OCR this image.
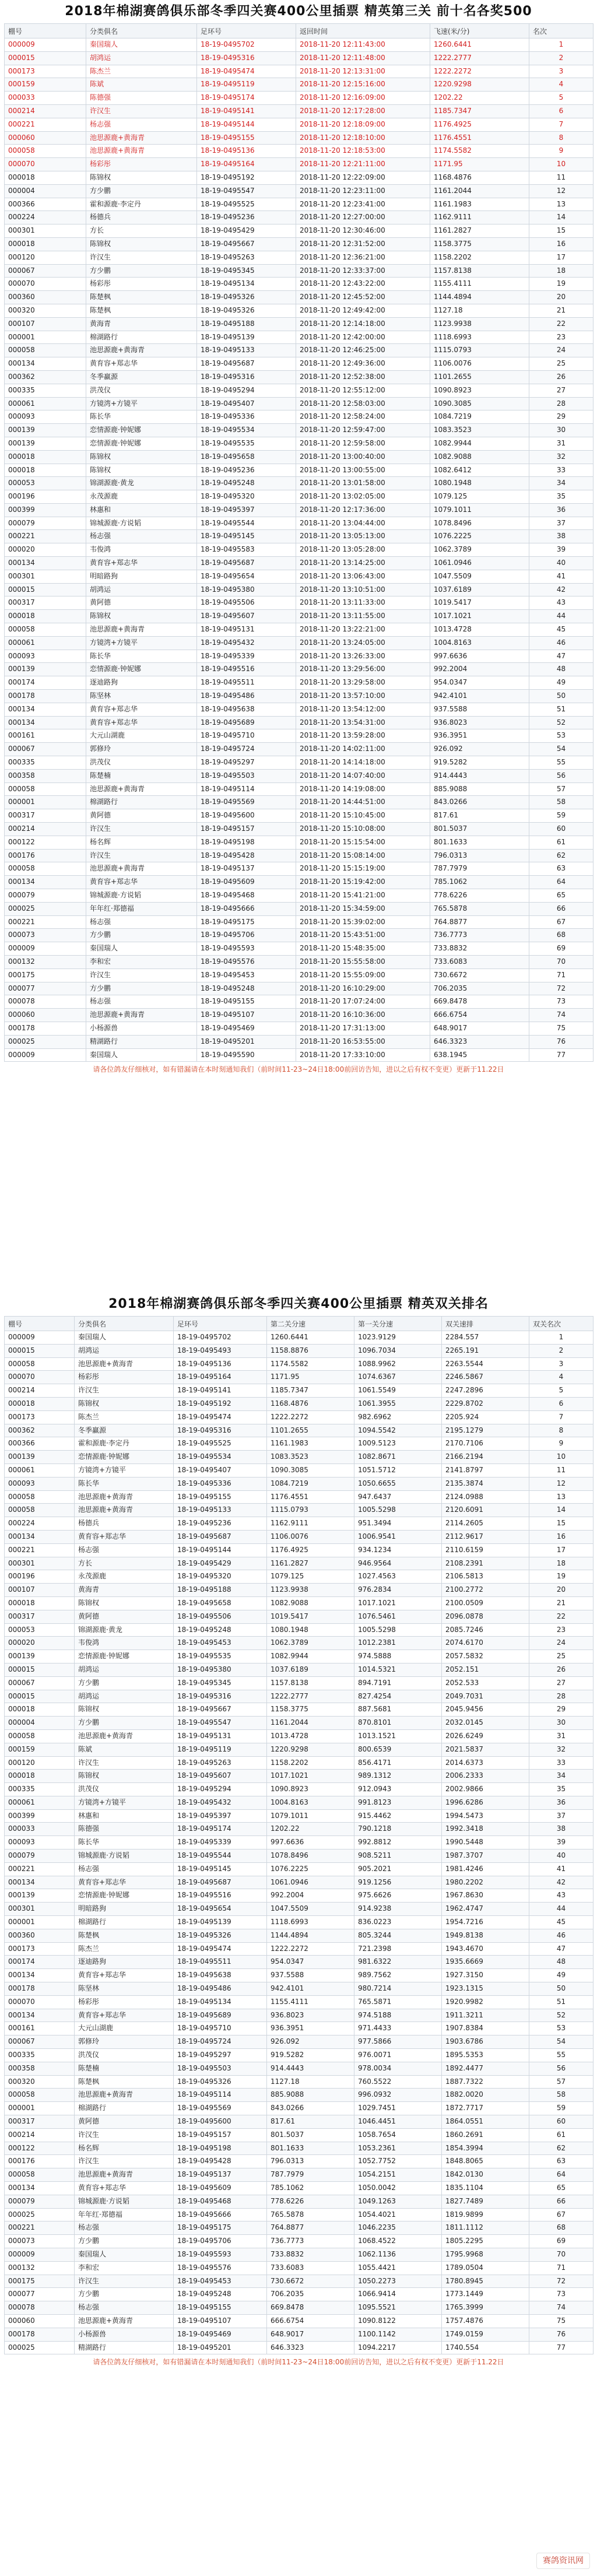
2018年棉湖赛鸽俱乐部冬季四关赛400公里插票 精英第三关 前十名各奖500
棚号	分类俱名	足环号	返回时间	飞速(米/分)	名次
000009	秦国瑞人	18-19-0495702	2018-11-20 12:11:43:00	1260.6441	1
000015	胡鸿运	18-19-0495316	2018-11-20 12:11:48:00	1222.2777	2
000173	陈杰兰	18-19-0495474	2018-11-20 12:13:31:00	1222.2272	3
000159	陈斌	18-19-0495119	2018-11-20 12:15:16:00	1220.9298	4
000033	陈德强	18-19-0495174	2018-11-20 12:16:09:00	1202.22	5
000214	许汉生	18-19-0495141	2018-11-20 12:17:28:00	1185.7347	6
000221	杨志强	18-19-0495144	2018-11-20 12:18:09:00	1176.4925	7
000060	池思源鹿+黄海青	18-19-0495155	2018-11-20 12:18:10:00	1176.4551	8
000058	池思源鹿+黄海青	18-19-0495136	2018-11-20 12:18:53:00	1174.5582	9
000070	杨彩彤	18-19-0495164	2018-11-20 12:21:11:00	1171.95	10
000018	陈锦权	18-19-0495192	2018-11-20 12:22:09:00	1168.4876	11
000004	方少鹏	18-19-0495547	2018-11-20 12:23:11:00	1161.2044	12
000366	霍和源鹿·李定丹	18-19-0495525	2018-11-20 12:23:41:00	1161.1983	13
000224	杨德兵	18-19-0495236	2018-11-20 12:27:00:00	1162.9111	14
000301	方长	18-19-0495429	2018-11-20 12:30:46:00	1161.2827	15
000018	陈锦权	18-19-0495667	2018-11-20 12:31:52:00	1158.3775	16
000120	许汉生	18-19-0495263	2018-11-20 12:36:21:00	1158.2202	17
000067	方少鹏	18-19-0495345	2018-11-20 12:33:37:00	1157.8138	18
000070	杨彩彤	18-19-0495134	2018-11-20 12:43:22:00	1155.4111	19
000360	陈楚枫	18-19-0495326	2018-11-20 12:45:52:00	1144.4894	20
000320	陈楚枫	18-19-0495326	2018-11-20 12:49:42:00	1127.18	21
000107	黄海青	18-19-0495188	2018-11-20 12:14:18:00	1123.9938	22
000001	棉湖路行	18-19-0495139	2018-11-20 12:42:00:00	1118.6993	23
000058	池思源鹿+黄海青	18-19-0495133	2018-11-20 12:46:25:00	1115.0793	24
000134	黄育容+郑志华	18-19-0495687	2018-11-20 12:49:36:00	1106.0076	25
000362	冬季赢源	18-19-0495316	2018-11-20 12:52:38:00	1101.2655	26
000335	洪茂仪	18-19-0495294	2018-11-20 12:55:12:00	1090.8923	27
000061	方镜湾+方镜平	18-19-0495407	2018-11-20 12:58:03:00	1090.3085	28
000093	陈长华	18-19-0495336	2018-11-20 12:58:24:00	1084.7219	29
000139	恋情源鹿·钟妮娜	18-19-0495534	2018-11-20 12:59:47:00	1083.3523	30
000139	恋情源鹿·钟妮娜	18-19-0495535	2018-11-20 12:59:58:00	1082.9944	31
000018	陈锦权	18-19-0495658	2018-11-20 13:00:40:00	1082.9088	32
000018	陈锦权	18-19-0495236	2018-11-20 13:00:55:00	1082.6412	33
000053	锦湖源鹿·黄龙	18-19-0495248	2018-11-20 13:01:58:00	1080.1948	34
000196	永茂源鹿	18-19-0495320	2018-11-20 13:02:05:00	1079.125	35
000399	林惠和	18-19-0495397	2018-11-20 12:17:36:00	1079.1011	36
000079	锦城源鹿·方说韬	18-19-0495544	2018-11-20 13:04:44:00	1078.8496	37
000221	杨志强	18-19-0495145	2018-11-20 13:05:13:00	1076.2225	38
000020	韦俊鸿	18-19-0495583	2018-11-20 13:05:28:00	1062.3789	39
000134	黄育容+郑志华	18-19-0495687	2018-11-20 13:14:25:00	1061.0946	40
000301	明暗路狗	18-19-0495654	2018-11-20 13:06:43:00	1047.5509	41
000015	胡鸿运	18-19-0495380	2018-11-20 13:10:51:00	1037.6189	42
000317	黄阿德	18-19-0495506	2018-11-20 13:11:33:00	1019.5417	43
000018	陈锦权	18-19-0495607	2018-11-20 13:11:55:00	1017.1021	44
000058	池思源鹿+黄海青	18-19-0495131	2018-11-20 13:22:21:00	1013.4728	45
000061	方镜湾+方镜平	18-19-0495432	2018-11-20 13:24:05:00	1004.8163	46
000093	陈长华	18-19-0495339	2018-11-20 13:26:33:00	997.6636	47
000139	恋情源鹿·钟妮娜	18-19-0495516	2018-11-20 13:29:56:00	992.2004	48
000174	逐迪路狗	18-19-0495511	2018-11-20 13:29:58:00	954.0347	49
000178	陈坚林	18-19-0495486	2018-11-20 13:57:10:00	942.4101	50
000134	黄育容+郑志华	18-19-0495638	2018-11-20 13:54:12:00	937.5588	51
000134	黄育容+郑志华	18-19-0495689	2018-11-20 13:54:31:00	936.8023	52
000161	大元山湖鹿	18-19-0495710	2018-11-20 13:59:28:00	936.3951	53
000067	郭修玲	18-19-0495724	2018-11-20 14:02:11:00	926.092	54
000335	洪茂仪	18-19-0495297	2018-11-20 14:14:18:00	919.5282	55
000358	陈楚楠	18-19-0495503	2018-11-20 14:07:40:00	914.4443	56
000058	池思源鹿+黄海青	18-19-0495114	2018-11-20 14:19:08:00	885.9088	57
000001	棉湖路行	18-19-0495569	2018-11-20 14:44:51:00	843.0266	58
000317	黄阿德	18-19-0495600	2018-11-20 15:10:45:00	817.61	59
000214	许汉生	18-19-0495157	2018-11-20 15:10:08:00	801.5037	60
000122	杨名辉	18-19-0495198	2018-11-20 15:15:54:00	801.1633	61
000176	许汉生	18-19-0495428	2018-11-20 15:08:14:00	796.0313	62
000058	池思源鹿+黄海青	18-19-0495137	2018-11-20 15:15:19:00	787.7979	63
000134	黄育容+郑志华	18-19-0495609	2018-11-20 15:19:42:00	785.1062	64
000079	锦城源鹿·方说韬	18-19-0495468	2018-11-20 15:41:21:00	778.6226	65
000025	年年红·郑德福	18-19-0495666	2018-11-20 15:34:59:00	765.5878	66
000221	杨志强	18-19-0495175	2018-11-20 15:39:02:00	764.8877	67
000073	方少鹏	18-19-0495706	2018-11-20 15:43:51:00	736.7773	68
000009	秦国瑞人	18-19-0495593	2018-11-20 15:48:35:00	733.8832	69
000132	李和宏	18-19-0495576	2018-11-20 15:55:58:00	733.6083	70
000175	许汉生	18-19-0495453	2018-11-20 15:55:09:00	730.6672	71
000077	方少鹏	18-19-0495248	2018-11-20 16:10:29:00	706.2035	72
000078	杨志强	18-19-0495155	2018-11-20 17:07:24:00	669.8478	73
000060	池思源鹿+黄海青	18-19-0495107	2018-11-20 16:10:36:00	666.6754	74
000178	小杨源兽	18-19-0495469	2018-11-20 17:31:13:00	648.9017	75
000025	精湖路行	18-19-0495201	2018-11-20 16:53:55:00	646.3323	76
000009	秦国瑞人	18-19-0495590	2018-11-20 17:33:10:00	638.1945	77
请各位鸽友仔细核对，如有错漏请在本时刻通知我们（前时间11-23~24日18:00前回访告知，进以之后有权不变更）更新于11.22日
2018年棉湖赛鸽俱乐部冬季四关赛400公里插票 精英双关排名
棚号	分类俱名	足环号	第二关分速	第一关分速	双关速排	双关名次
000009	秦国瑞人	18-19-0495702	1260.6441	1023.9129	2284.557	1
000015	胡鸿运	18-19-0495493	1158.8876	1096.7034	2265.191	2
000058	池思源鹿+黄海青	18-19-0495136	1174.5582	1088.9962	2263.5544	3
000070	杨彩彤	18-19-0495164	1171.95	1074.6367	2246.5867	4
000214	许汉生	18-19-0495141	1185.7347	1061.5549	2247.2896	5
000018	陈锦权	18-19-0495192	1168.4876	1061.3955	2229.8702	6
000173	陈杰兰	18-19-0495474	1222.2272	982.6962	2205.924	7
000362	冬季赢源	18-19-0495316	1101.2655	1094.5542	2195.1279	8
000366	霍和源鹿·李定丹	18-19-0495525	1161.1983	1009.5123	2170.7106	9
000139	恋情源鹿·钟妮娜	18-19-0495534	1083.3523	1082.8671	2166.2194	10
000061	方镜湾+方镜平	18-19-0495407	1090.3085	1051.5712	2141.8797	11
000093	陈长华	18-19-0495336	1084.7219	1050.6655	2135.3874	12
000058	池思源鹿+黄海青	18-19-0495155	1176.4551	947.6437	2124.0988	13
000058	池思源鹿+黄海青	18-19-0495133	1115.0793	1005.5298	2120.6091	14
000224	杨德兵	18-19-0495236	1162.9111	951.3494	2114.2605	15
000134	黄育容+郑志华	18-19-0495687	1106.0076	1006.9541	2112.9617	16
000221	杨志强	18-19-0495144	1176.4925	934.1234	2110.6159	17
000301	方长	18-19-0495429	1161.2827	946.9564	2108.2391	18
000196	永茂源鹿	18-19-0495320	1079.125	1027.4563	2106.5813	19
000107	黄海青	18-19-0495188	1123.9938	976.2834	2100.2772	20
000018	陈锦权	18-19-0495658	1082.9088	1017.1021	2100.0509	21
000317	黄阿德	18-19-0495506	1019.5417	1076.5461	2096.0878	22
000053	锦湖源鹿·黄龙	18-19-0495248	1080.1948	1005.5298	2085.7246	23
000020	韦俊鸿	18-19-0495453	1062.3789	1012.2381	2074.6170	24
000139	恋情源鹿·钟妮娜	18-19-0495535	1082.9944	974.5888	2057.5832	25
000015	胡鸿运	18-19-0495380	1037.6189	1014.5321	2052.151	26
000067	方少鹏	18-19-0495345	1157.8138	894.7191	2052.533	27
000015	胡鸿运	18-19-0495316	1222.2777	827.4254	2049.7031	28
000018	陈锦权	18-19-0495667	1158.3775	887.5681	2045.9456	29
000004	方少鹏	18-19-0495547	1161.2044	870.8101	2032.0145	30
000058	池思源鹿+黄海青	18-19-0495131	1013.4728	1013.1521	2026.6249	31
000159	陈斌	18-19-0495119	1220.9298	800.6539	2021.5837	32
000120	许汉生	18-19-0495263	1158.2202	856.4171	2014.6373	33
000018	陈锦权	18-19-0495607	1017.1021	989.1312	2006.2333	34
000335	洪茂仪	18-19-0495294	1090.8923	912.0943	2002.9866	35
000061	方镜湾+方镜平	18-19-0495432	1004.8163	991.8123	1996.6286	36
000399	林惠和	18-19-0495397	1079.1011	915.4462	1994.5473	37
000033	陈德强	18-19-0495174	1202.22	790.1218	1992.3418	38
000093	陈长华	18-19-0495339	997.6636	992.8812	1990.5448	39
000079	锦城源鹿·方说韬	18-19-0495544	1078.8496	908.5211	1987.3707	40
000221	杨志强	18-19-0495145	1076.2225	905.2021	1981.4246	41
000134	黄育容+郑志华	18-19-0495687	1061.0946	919.1256	1980.2202	42
000139	恋情源鹿·钟妮娜	18-19-0495516	992.2004	975.6626	1967.8630	43
000301	明暗路狗	18-19-0495654	1047.5509	914.9238	1962.4747	44
000001	棉湖路行	18-19-0495139	1118.6993	836.0223	1954.7216	45
000360	陈楚枫	18-19-0495326	1144.4894	805.3244	1949.8138	46
000173	陈杰兰	18-19-0495474	1222.2272	721.2398	1943.4670	47
000174	逐迪路狗	18-19-0495511	954.0347	981.6322	1935.6669	48
000134	黄育容+郑志华	18-19-0495638	937.5588	989.7562	1927.3150	49
000178	陈坚林	18-19-0495486	942.4101	980.7214	1923.1315	50
000070	杨彩彤	18-19-0495134	1155.4111	765.5871	1920.9982	51
000134	黄育容+郑志华	18-19-0495689	936.8023	974.5188	1911.3211	52
000161	大元山湖鹿	18-19-0495710	936.3951	971.4433	1907.8384	53
000067	郭修玲	18-19-0495724	926.092	977.5866	1903.6786	54
000335	洪茂仪	18-19-0495297	919.5282	976.0071	1895.5353	55
000358	陈楚楠	18-19-0495503	914.4443	978.0034	1892.4477	56
000320	陈楚枫	18-19-0495326	1127.18	760.5522	1887.7322	57
000058	池思源鹿+黄海青	18-19-0495114	885.9088	996.0932	1882.0020	58
000001	棉湖路行	18-19-0495569	843.0266	1029.7451	1872.7717	59
000317	黄阿德	18-19-0495600	817.61	1046.4451	1864.0551	60
000214	许汉生	18-19-0495157	801.5037	1058.7654	1860.2691	61
000122	杨名辉	18-19-0495198	801.1633	1053.2361	1854.3994	62
000176	许汉生	18-19-0495428	796.0313	1052.7752	1848.8065	63
000058	池思源鹿+黄海青	18-19-0495137	787.7979	1054.2151	1842.0130	64
000134	黄育容+郑志华	18-19-0495609	785.1062	1050.0042	1835.1104	65
000079	锦城源鹿·方说韬	18-19-0495468	778.6226	1049.1263	1827.7489	66
000025	年年红·郑德福	18-19-0495666	765.5878	1054.4021	1819.9899	67
000221	杨志强	18-19-0495175	764.8877	1046.2235	1811.1112	68
000073	方少鹏	18-19-0495706	736.7773	1068.4522	1805.2295	69
000009	秦国瑞人	18-19-0495593	733.8832	1062.1136	1795.9968	70
000132	李和宏	18-19-0495576	733.6083	1055.4421	1789.0504	71
000175	许汉生	18-19-0495453	730.6672	1050.2273	1780.8945	72
000077	方少鹏	18-19-0495248	706.2035	1066.9414	1773.1449	73
000078	杨志强	18-19-0495155	669.8478	1095.5521	1765.3999	74
000060	池思源鹿+黄海青	18-19-0495107	666.6754	1090.8122	1757.4876	75
000178	小杨源兽	18-19-0495469	648.9017	1100.1142	1749.0159	76
000025	精湖路行	18-19-0495201	646.3323	1094.2217	1740.554	77
请各位鸽友仔细核对，如有错漏请在本时刻通知我们（前时间11-23~24日18:00前回访告知，进以之后有权不变更）更新于11.22日
赛鸽资讯网
